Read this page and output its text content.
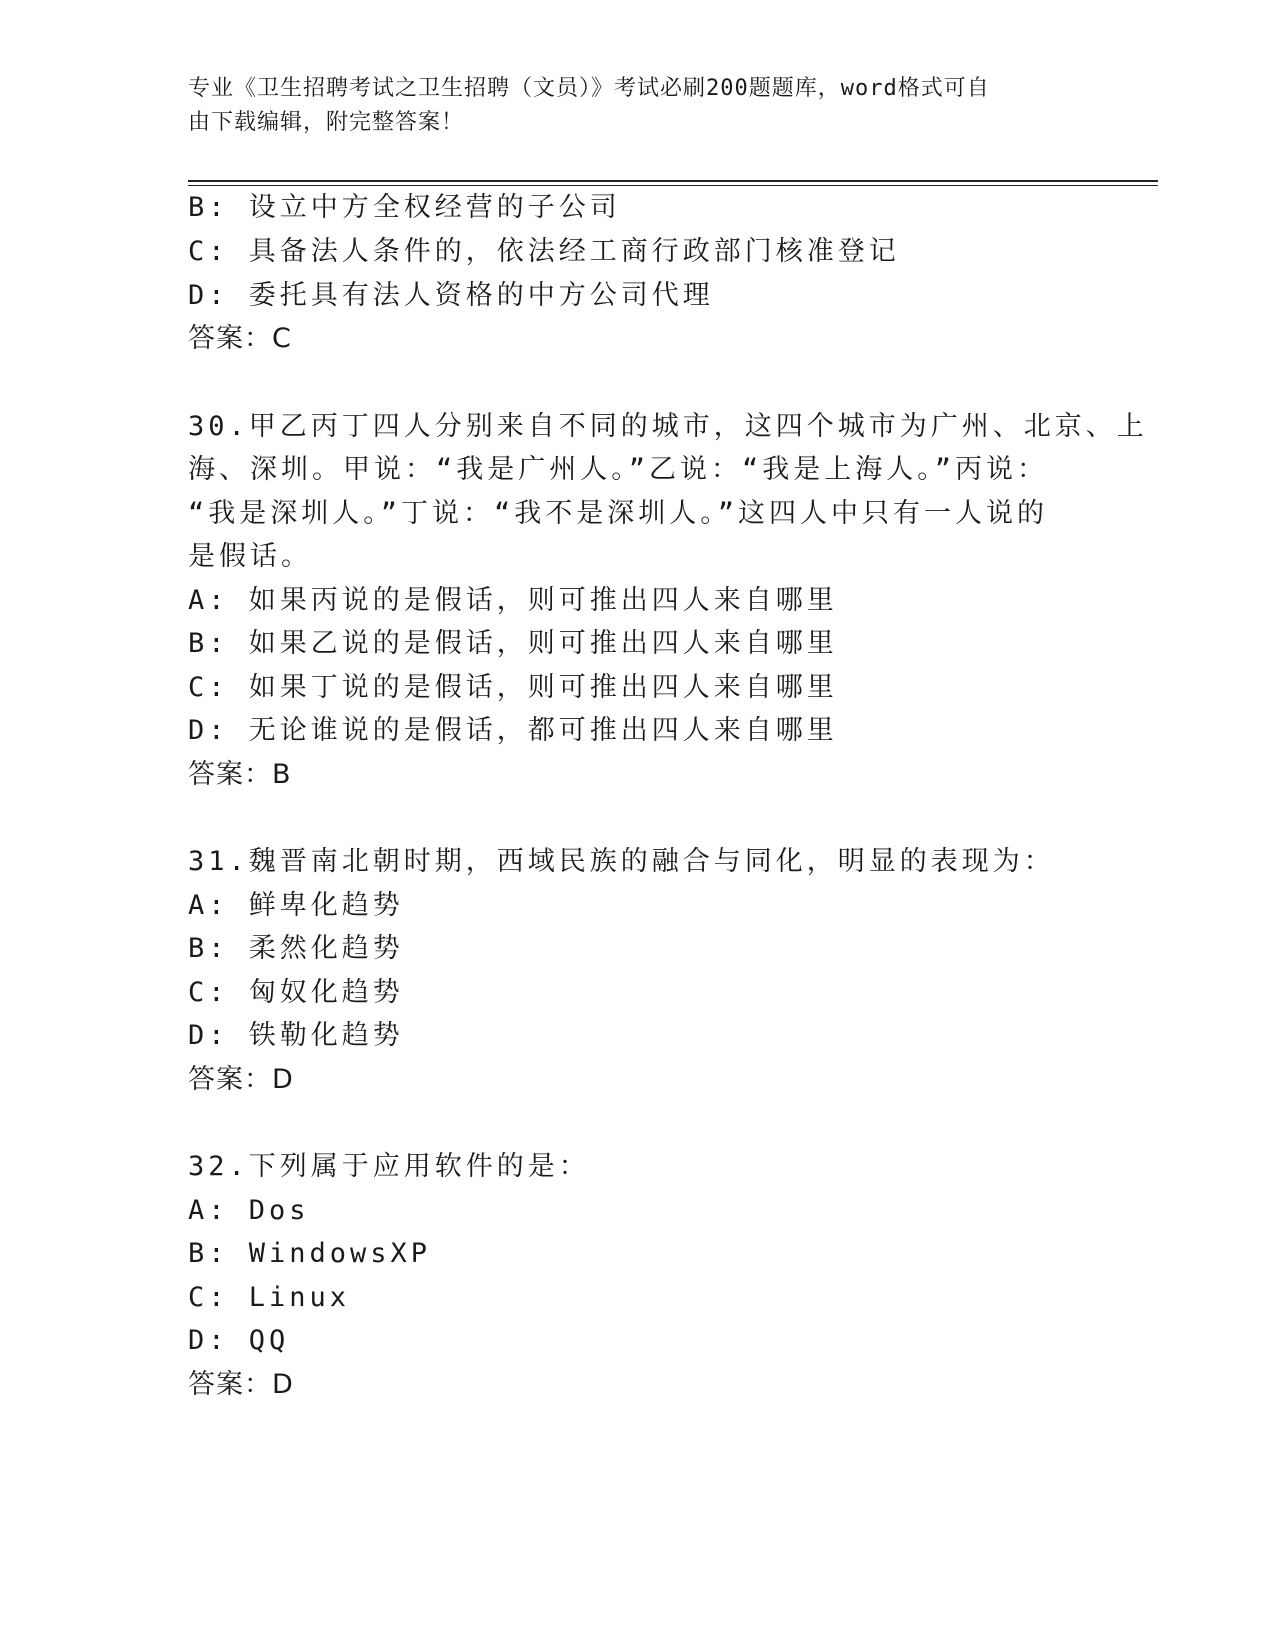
专业《卫生招聘考试之卫生招聘（文员）》考试必刷200题题库，word格式可自
由下载编辑，附完整答案！
B: 设立中方全权经营的子公司
C: 具备法人条件的，依法经工商行政部门核准登记
D: 委托具有法人资格的中方公司代理
答案：C
30.甲乙丙丁四人分别来自不同的城市，这四个城市为广州、北京、上
海、深圳。甲说：“我是广州人。”乙说：“我是上海人。”丙说：
“我是深圳人。”丁说：“我不是深圳人。”这四人中只有一人说的
是假话。
A: 如果丙说的是假话，则可推出四人来自哪里
B: 如果乙说的是假话，则可推出四人来自哪里
C: 如果丁说的是假话，则可推出四人来自哪里
D: 无论谁说的是假话，都可推出四人来自哪里
答案：B
31.魏晋南北朝时期，西域民族的融合与同化，明显的表现为：
A: 鲜卑化趋势
B: 柔然化趋势
C: 匈奴化趋势
D: 铁勒化趋势
答案：D
32.下列属于应用软件的是：
A: Dos
B: WindowsXP
C: Linux
D: QQ
答案：D
